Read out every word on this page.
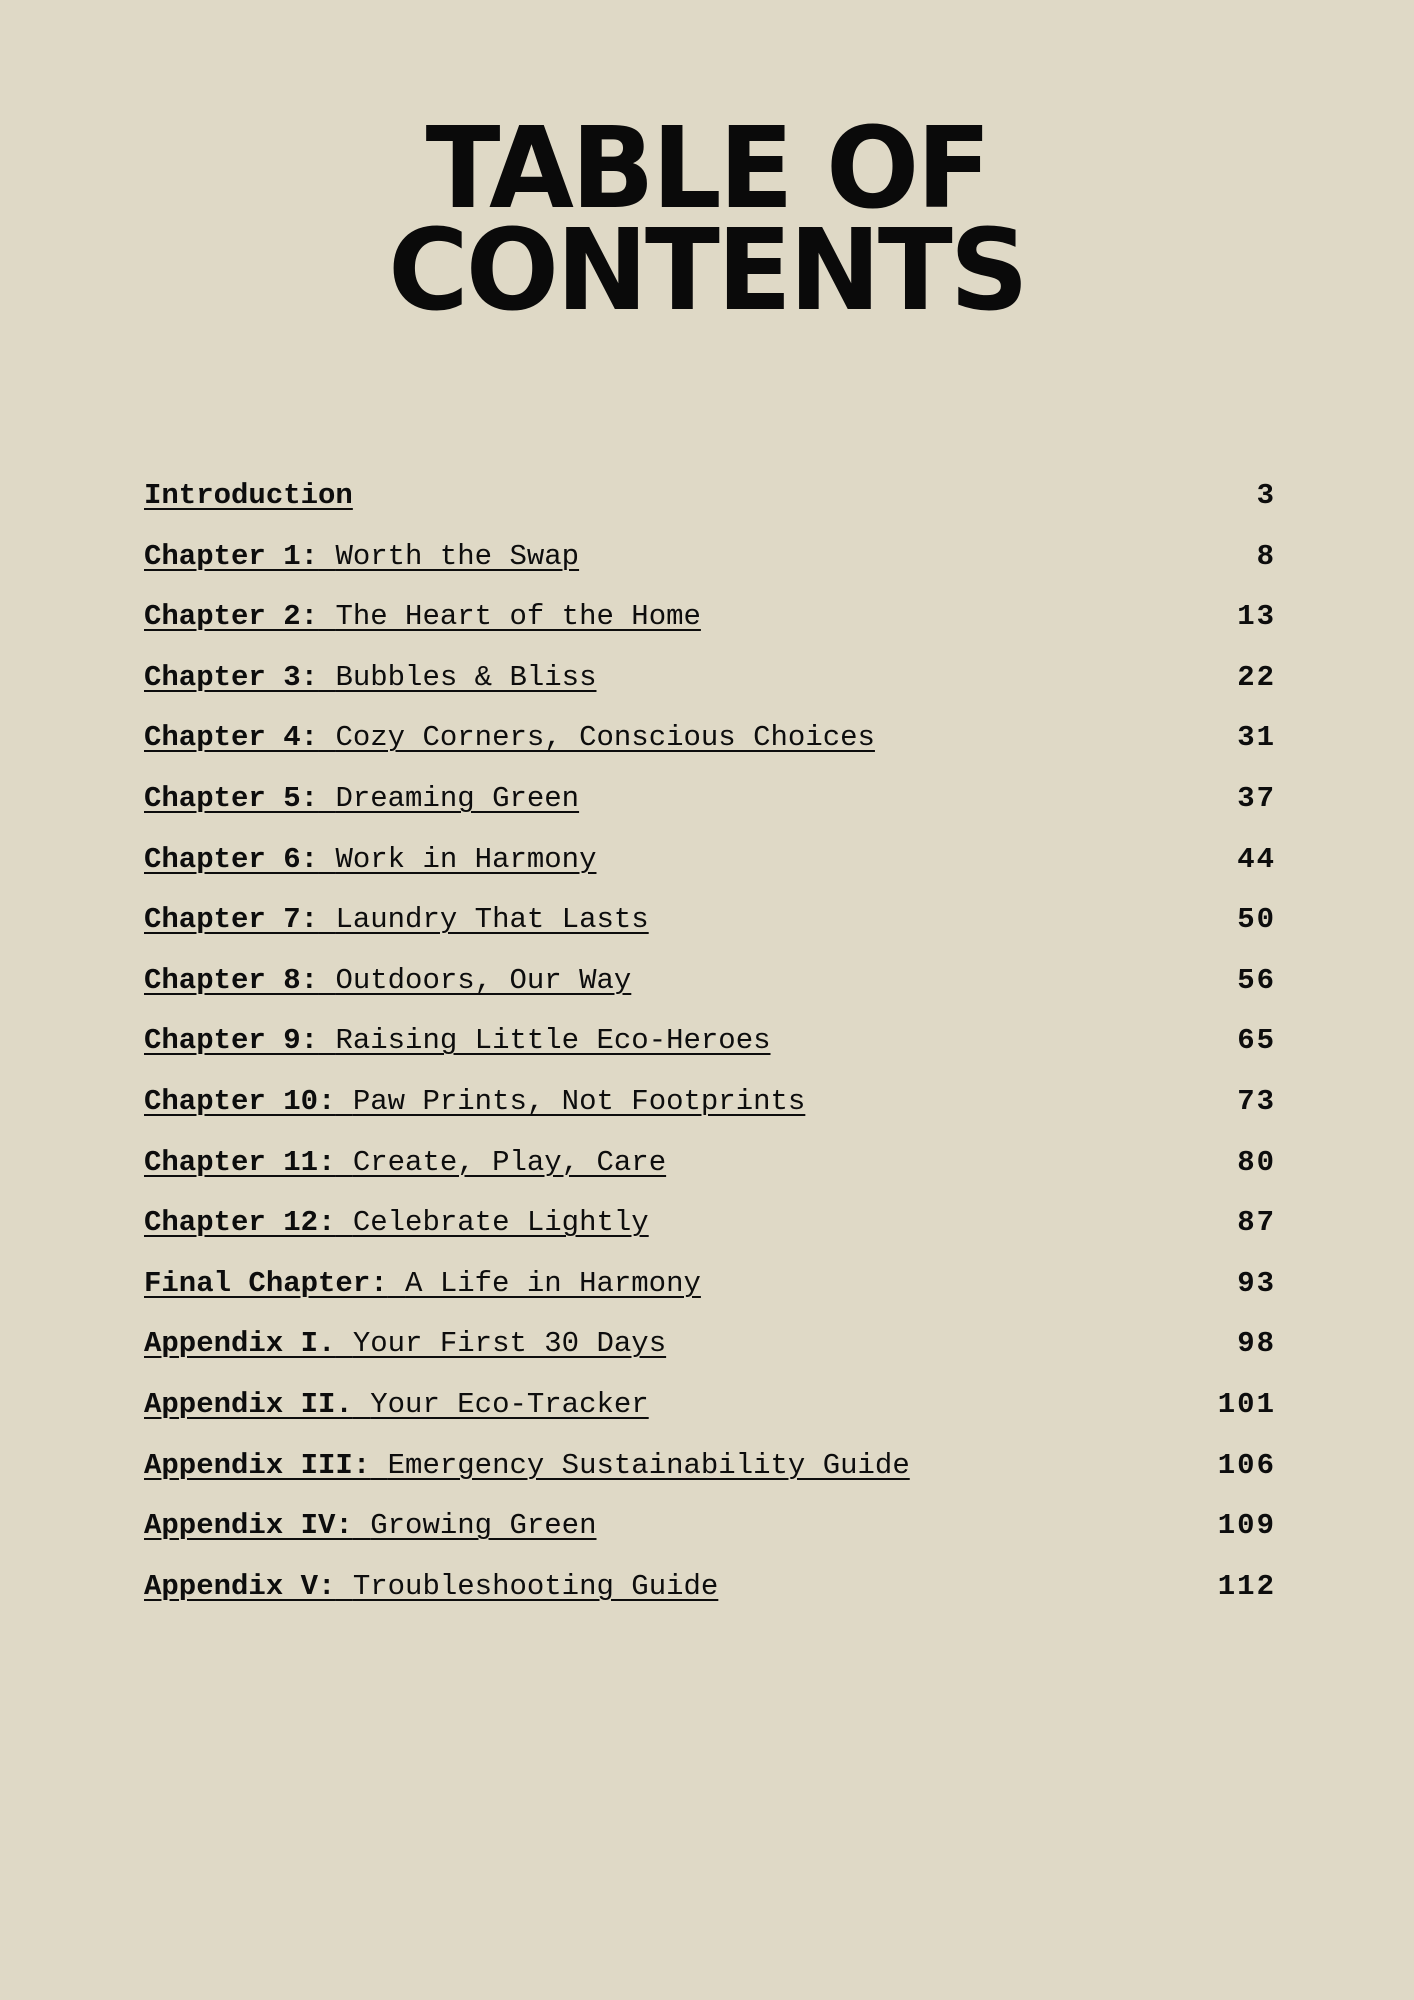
TABLE OF
CONTENTS
Introduction	3
Chapter 1: Worth the Swap	8
Chapter 2: The Heart of the Home	13
Chapter 3: Bubbles & Bliss	22
Chapter 4: Cozy Corners, Conscious Choices	31
Chapter 5: Dreaming Green	37
Chapter 6: Work in Harmony	44
Chapter 7: Laundry That Lasts	50
Chapter 8: Outdoors, Our Way	56
Chapter 9: Raising Little Eco-Heroes	65
Chapter 10: Paw Prints, Not Footprints	73
Chapter 11: Create, Play, Care	80
Chapter 12: Celebrate Lightly	87
Final Chapter: A Life in Harmony	93
Appendix I. Your First 30 Days	98
Appendix II. Your Eco-Tracker	101
Appendix III: Emergency Sustainability Guide	106
Appendix IV: Growing Green	109
Appendix V: Troubleshooting Guide	112
